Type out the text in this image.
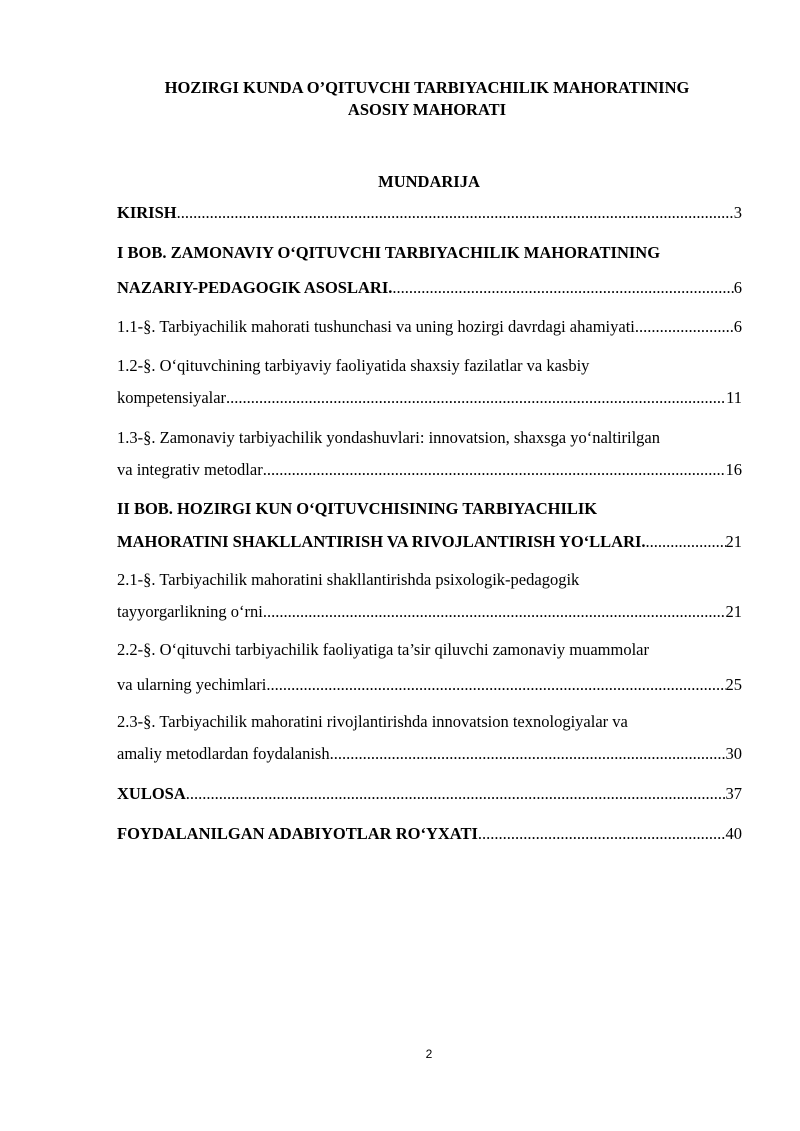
HOZIRGI KUNDA O’QITUVCHI TARBIYACHILIK MAHORATINING
ASOSIY MAHORATI
MUNDARIJA
KIRISH .....	3
I BOB. ZAMONAVIY O‘QITUVCHI TARBIYACHILIK MAHORATINING
NAZARIY-PEDAGOGIK ASOSLARI. .....	6
1.1-§. Tarbiyachilik mahorati tushunchasi va uning hozirgi davrdagi ahamiyati. .....	6
1.2-§. O‘qituvchining tarbiyaviy faoliyatida shaxsiy fazilatlar va kasbiy
kompetensiyalar .....	11
1.3-§. Zamonaviy tarbiyachilik yondashuvlari: innovatsion, shaxsga yo‘naltirilgan
va integrativ metodlar .....	16
II BOB. HOZIRGI KUN O‘QITUVCHISINING TARBIYACHILIK
MAHORATINI SHAKLLANTIRISH VA RIVOJLANTIRISH YO‘LLARI. .....	21
2.1-§. Tarbiyachilik mahoratini shakllantirishda psixologik-pedagogik
tayyorgarlikning o‘rni .....	21
2.2-§. O‘qituvchi tarbiyachilik faoliyatiga ta’sir qiluvchi zamonaviy muammolar
va ularning yechimlari .....	25
2.3-§. Tarbiyachilik mahoratini rivojlantirishda innovatsion texnologiyalar va
amaliy metodlardan foydalanish .....	30
XULOSA .....	37
FOYDALANILGAN ADABIYOTLAR RO‘YXATI .....	40
2
